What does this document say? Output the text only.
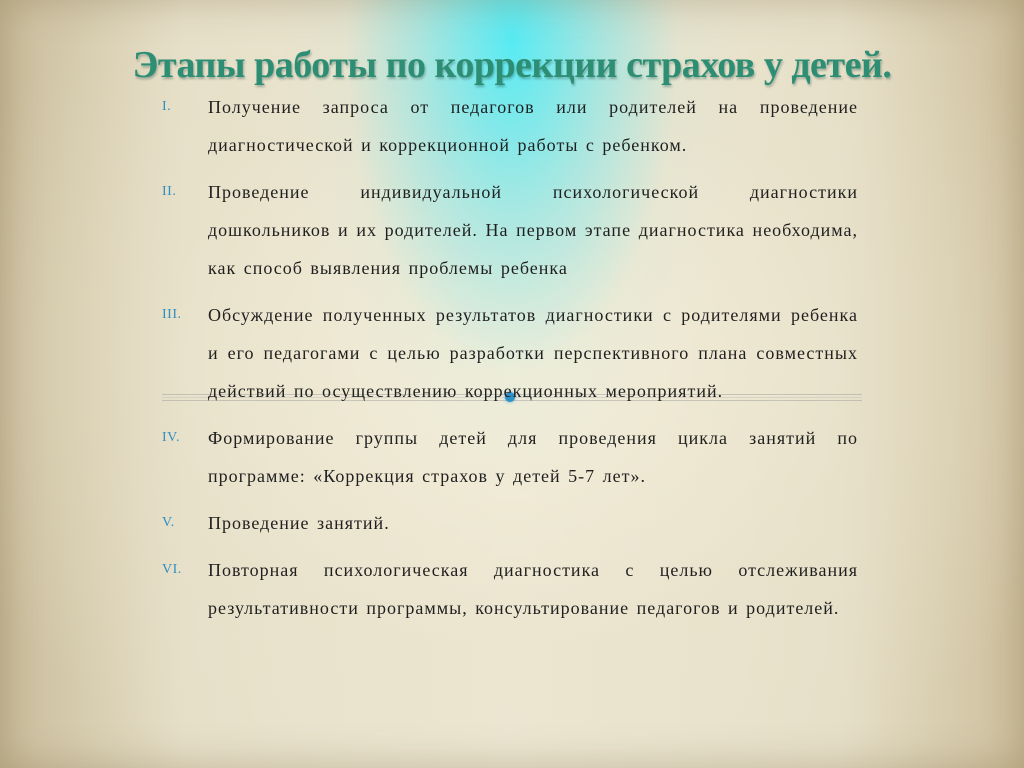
Этапы работы по коррекции страхов у детей.
I.	Получение запроса от педагогов или родителей на проведение диагностической и коррекционной работы с ребенком.
II.	Проведение индивидуальной психологической диагностики дошкольников и их родителей. На первом этапе диагностика необходима, как способ выявления проблемы ребенка
III.	Обсуждение полученных результатов диагностики с родителями ребенка и его педагогами с целью разработки перспективного плана совместных действий по осуществлению коррекционных мероприятий.
IV.	Формирование группы детей для проведения цикла занятий по программе: «Коррекция страхов у детей 5-7 лет».
V.	Проведение занятий.
VI.	Повторная психологическая диагностика с целью отслеживания результативности программы, консультирование педагогов и родителей.
